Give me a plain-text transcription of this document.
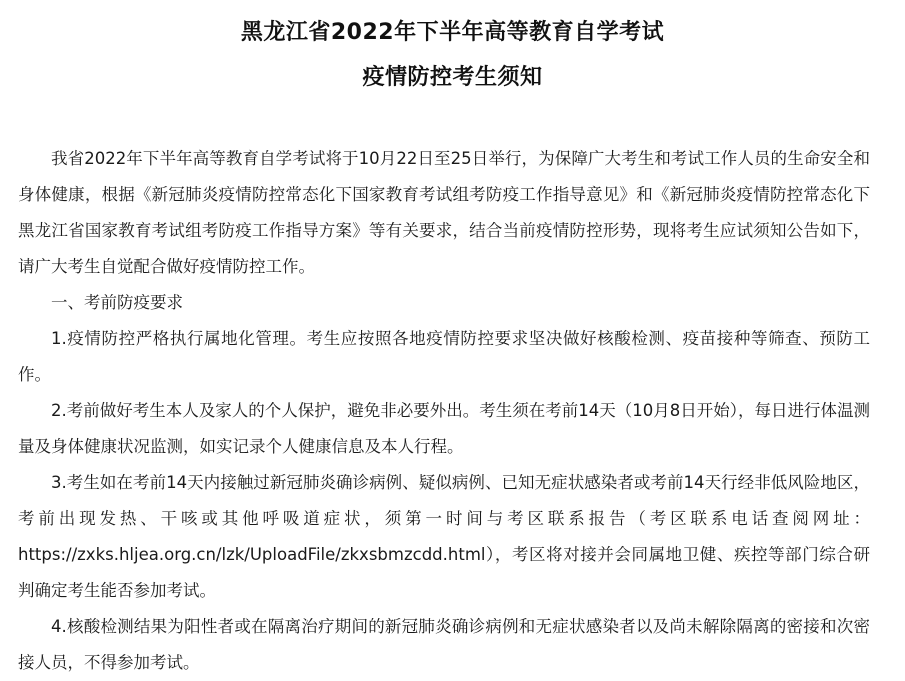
黑龙江省2022年下半年高等教育自学考试
疫情防控考生须知

我省2022年下半年高等教育自学考试将于10月22日至25日举行，为保障广大考生和考试工作人员的生命安全和身体健康，根据《新冠肺炎疫情防控常态化下国家教育考试组考防疫工作指导意见》和《新冠肺炎疫情防控常态化下黑龙江省国家教育考试组考防疫工作指导方案》等有关要求，结合当前疫情防控形势，现将考生应试须知公告如下，请广大考生自觉配合做好疫情防控工作。

一、考前防疫要求

1.疫情防控严格执行属地化管理。考生应按照各地疫情防控要求坚决做好核酸检测、疫苗接种等筛查、预防工作。

2.考前做好考生本人及家人的个人保护，避免非必要外出。考生须在考前14天（10月8日开始），每日进行体温测量及身体健康状况监测，如实记录个人健康信息及本人行程。

3.考生如在考前14天内接触过新冠肺炎确诊病例、疑似病例、已知无症状感染者或考前14天行经非低风险地区，考前出现发热、干咳或其他呼吸道症状，须第一时间与考区联系报告（考区联系电话查阅网址：https://zxks.hljea.org.cn/lzk/UploadFile/zkxsbmzcdd.html），考区将对接并会同属地卫健、疾控等部门综合研判确定考生能否参加考试。

4.核酸检测结果为阳性者或在隔离治疗期间的新冠肺炎确诊病例和无症状感染者以及尚未解除隔离的密接和次密接人员，不得参加考试。
